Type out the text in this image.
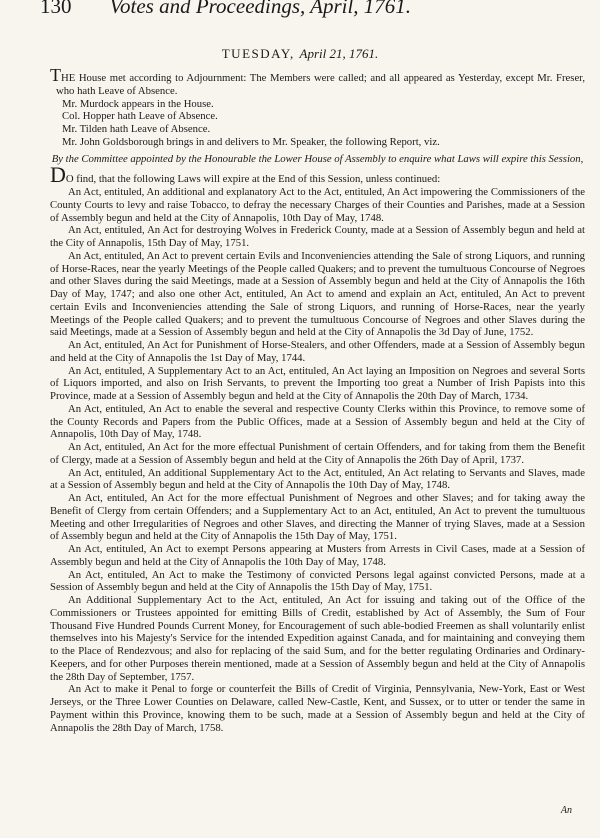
130 Votes and Proceedings, April, 1761.
TUESDAY, April 21, 1761.

THE House met according to Adjournment: The Members were called; and all appeared as Yesterday, except Mr. Freser, who hath Leave of Absence.

Mr. Murdock appears in the House.

Col. Hopper hath Leave of Absence.

Mr. Tilden hath Leave of Absence.

Mr. John Goldsborough brings in and delivers to Mr. Speaker, the following Report, viz.

By the Committee appointed by the Honourable the Lower House of Assembly to enquire what Laws will expire this Session,

DO find, that the following Laws will expire at the End of this Session, unless continued:

An Act, entituled, An additional and explanatory Act to the Act, entituled, An Act impowering the Commissioners of the County Courts to levy and raise Tobacco, to defray the necessary Charges of their Counties and Parishes, made at a Session of Assembly begun and held at the City of Annapolis, 10th Day of May, 1748.

An Act, entituled, An Act for destroying Wolves in Frederick County, made at a Session of Assembly begun and held at the City of Annapolis, 15th Day of May, 1751.

An Act, entituled, An Act to prevent certain Evils and Inconveniencies attending the Sale of strong Liquors, and running of Horse-Races, near the yearly Meetings of the People called Quakers; and to prevent the tumultuous Concourse of Negroes and other Slaves during the said Meetings, made at a Session of Assembly begun and held at the City of Annapolis the 16th Day of May, 1747; and also one other Act, entituled, An Act to amend and explain an Act, entituled, An Act to prevent certain Evils and Inconveniencies attending the Sale of strong Liquors, and running of Horse-Races, near the yearly Meetings of the People called Quakers; and to prevent the tumultuous Concourse of Negroes and other Slaves during the said Meetings, made at a Session of Assembly begun and held at the City of Annapolis the 3d Day of June, 1752.

An Act, entituled, An Act for Punishment of Horse-Stealers, and other Offenders, made at a Session of Assembly begun and held at the City of Annapolis the 1st Day of May, 1744.

An Act, entituled, A Supplementary Act to an Act, entituled, An Act laying an Imposition on Negroes and several Sorts of Liquors imported, and also on Irish Servants, to prevent the Importing too great a Number of Irish Papists into this Province, made at a Session of Assembly begun and held at the City of Annapolis the 20th Day of March, 1734.

An Act, entituled, An Act to enable the several and respective County Clerks within this Province, to remove some of the County Records and Papers from the Public Offices, made at a Session of Assembly begun and held at the City of Annapolis, 10th Day of May, 1748.

An Act, entituled, An Act for the more effectual Punishment of certain Offenders, and for taking from them the Benefit of Clergy, made at a Session of Assembly begun and held at the City of Annapolis the 26th Day of April, 1737.

An Act, entituled, An additional Supplementary Act to the Act, entituled, An Act relating to Servants and Slaves, made at a Session of Assembly begun and held at the City of Annapolis the 10th Day of May, 1748.

An Act, entituled, An Act for the more effectual Punishment of Negroes and other Slaves; and for taking away the Benefit of Clergy from certain Offenders; and a Supplementary Act to an Act, entituled, An Act to prevent the tumultuous Meeting and other Irregularities of Negroes and other Slaves, and directing the Manner of trying Slaves, made at a Session of Assembly begun and held at the City of Annapolis the 15th Day of May, 1751.

An Act, entituled, An Act to exempt Persons appearing at Musters from Arrests in Civil Cases, made at a Session of Assembly begun and held at the City of Annapolis the 10th Day of May, 1748.

An Act, entituled, An Act to make the Testimony of convicted Persons legal against convicted Persons, made at a Session of Assembly begun and held at the City of Annapolis the 15th Day of May, 1751.

An Additional Supplementary Act to the Act, entituled, An Act for issuing and taking out of the Office of the Commissioners or Trustees appointed for emitting Bills of Credit, established by Act of Assembly, the Sum of Four Thousand Five Hundred Pounds Current Money, for Encouragement of such able-bodied Freemen as shall voluntarily enlist themselves into his Majesty's Service for the intended Expedition against Canada, and for maintaining and conveying them to the Place of Rendezvous; and also for replacing of the said Sum, and for the better regulating Ordinaries and Ordinary-Keepers, and for other Purposes therein mentioned, made at a Session of Assembly begun and held at the City of Annapolis the 28th Day of September, 1757.

An Act to make it Penal to forge or counterfeit the Bills of Credit of Virginia, Pennsylvania, New-York, East or West Jerseys, or the Three Lower Counties on Delaware, called New-Castle, Kent, and Sussex, or to utter or tender the same in Payment within this Province, knowing them to be such, made at a Session of Assembly begun and held at the City of Annapolis the 28th Day of March, 1758.

An
